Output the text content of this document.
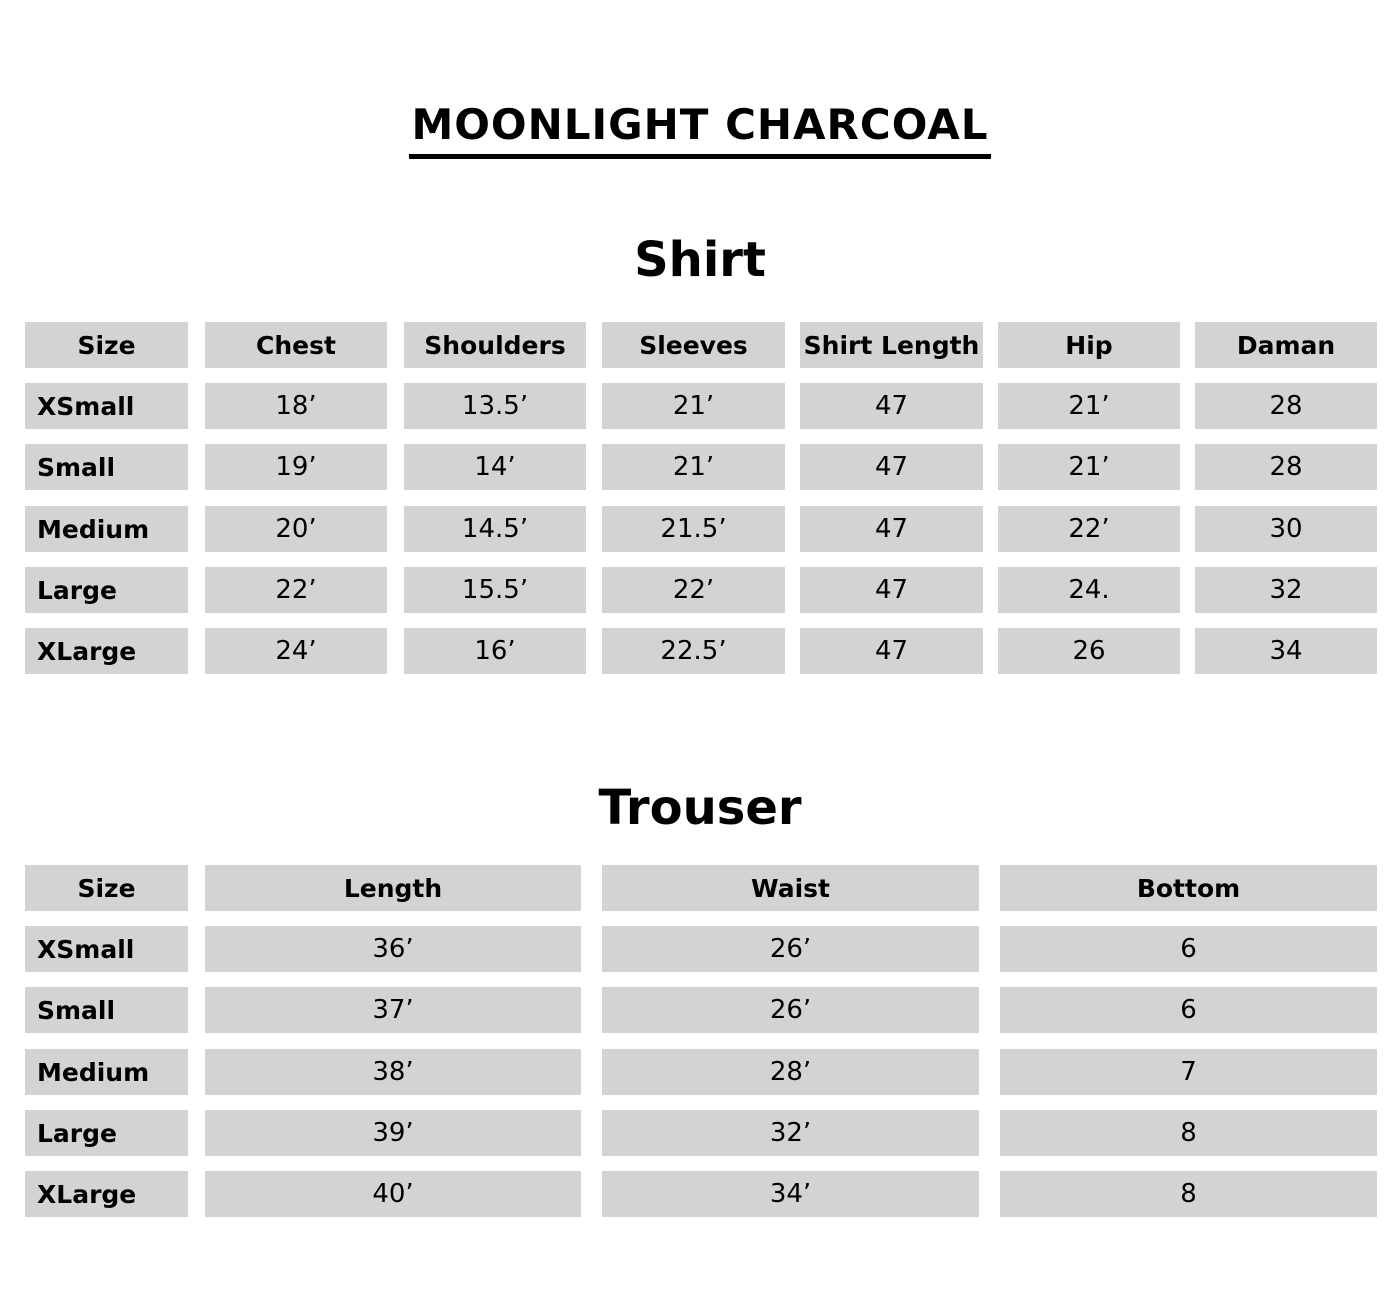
MOONLIGHT CHARCOAL
Shirt
Size	Chest	Shoulders	Sleeves	Shirt Length	Hip	Daman
XSmall	18’	13.5’	21’	47	21’	28
Small	19’	14’	21’	47	21’	28
Medium	20’	14.5’	21.5’	47	22’	30
Large	22’	15.5’	22’	47	24.	32
XLarge	24’	16’	22.5’	47	26	34
Trouser
Size	Length	Waist	Bottom
XSmall	36’	26’	6
Small	37’	26’	6
Medium	38’	28’	7
Large	39’	32’	8
XLarge	40’	34’	8
